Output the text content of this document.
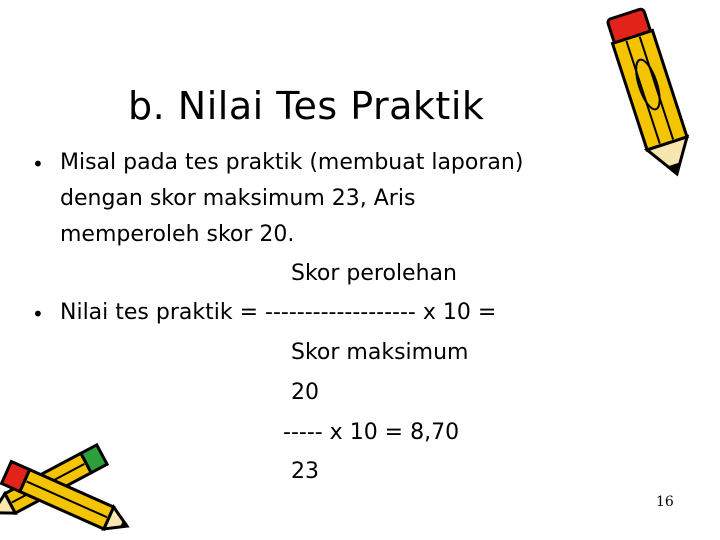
b. Nilai Tes Praktik
• Misal pada tes praktik (membuat laporan)
dengan skor maksimum 23, Aris
memperoleh skor 20.
Skor perolehan
• Nilai tes praktik = ------------------- x 10 =
Skor maksimum
20
----- x 10 = 8,70
23
16
